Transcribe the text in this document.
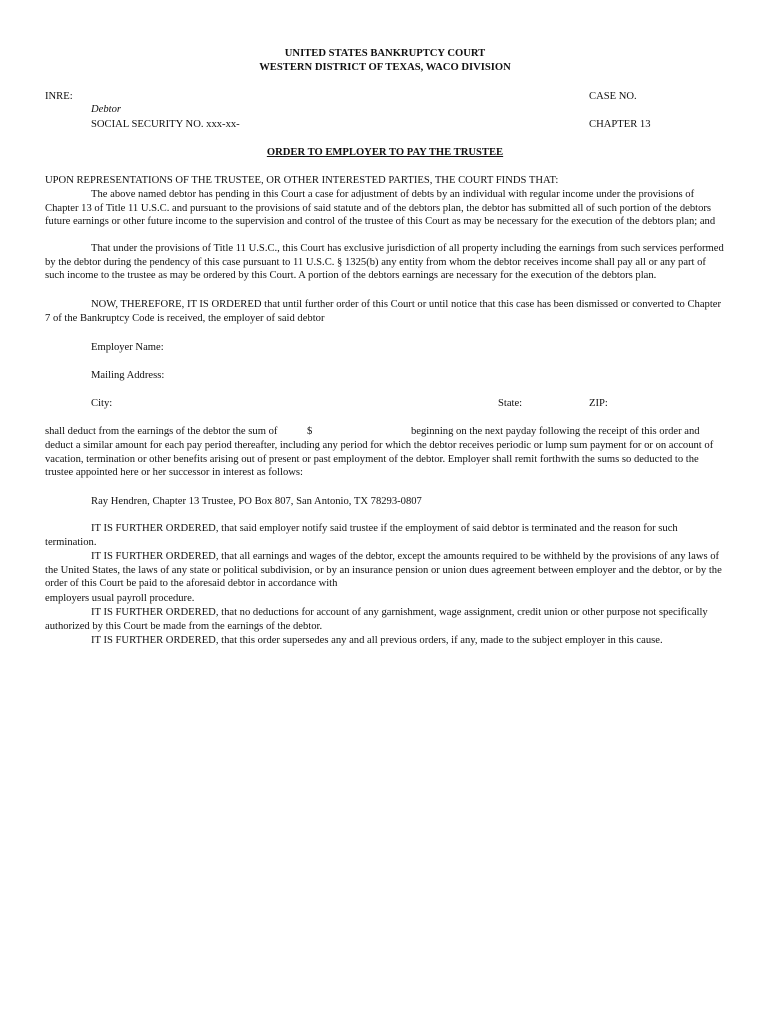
UNITED STATES BANKRUPTCY COURT
WESTERN DISTRICT OF TEXAS, WACO DIVISION
INRE:	CASE NO.
Debtor
SOCIAL SECURITY NO. xxx-xx-	CHAPTER 13
ORDER TO EMPLOYER TO PAY THE TRUSTEE
UPON REPRESENTATIONS OF THE TRUSTEE, OR OTHER INTERESTED PARTIES, THE COURT FINDS THAT:
The above named debtor has pending in this Court a case for adjustment of debts by an individual with regular income under the provisions of Chapter 13 of Title 11 U.S.C. and pursuant to the provisions of said statute and of the debtors plan, the debtor has submitted all of such portion of the debtors future earnings or other future income to the supervision and control of the trustee of this Court as may be necessary for the execution of the debtors plan; and
That under the provisions of Title 11 U.S.C., this Court has exclusive jurisdiction of all property including the earnings from such services performed by the debtor during the pendency of this case pursuant to 11 U.S.C. § 1325(b) any entity from whom the debtor receives income shall pay all or any part of such income to the trustee as may be ordered by this Court. A portion of the debtors earnings are necessary for the execution of the debtors plan.
NOW, THEREFORE, IT IS ORDERED that until further order of this Court or until notice that this case has been dismissed or converted to Chapter 7 of the Bankruptcy Code is received, the employer of said debtor
Employer Name:
Mailing Address:
City:	State:	ZIP:
shall deduct from the earnings of the debtor the sum of	$	beginning on the next payday following the receipt of this order and
deduct a similar amount for each pay period thereafter, including any period for which the debtor receives periodic or lump sum payment for or on account of vacation, termination or other benefits arising out of present or past employment of the debtor. Employer shall remit forthwith the sums so deducted to the trustee appointed here or her successor in interest as follows:
Ray Hendren, Chapter 13 Trustee, PO Box 807, San Antonio, TX 78293-0807
IT IS FURTHER ORDERED, that said employer notify said trustee if the employment of said debtor is terminated and the reason for such termination.
IT IS FURTHER ORDERED, that all earnings and wages of the debtor, except the amounts required to be withheld by the provisions of any laws of the United States, the laws of any state or political subdivision, or by an insurance pension or union dues agreement between employer and the debtor, or by the order of this Court be paid to the aforesaid debtor in accordance with
employers usual payroll procedure.
IT IS FURTHER ORDERED, that no deductions for account of any garnishment, wage assignment, credit union or other purpose not specifically authorized by this Court be made from the earnings of the debtor.
IT IS FURTHER ORDERED, that this order supersedes any and all previous orders, if any, made to the subject employer in this cause.
